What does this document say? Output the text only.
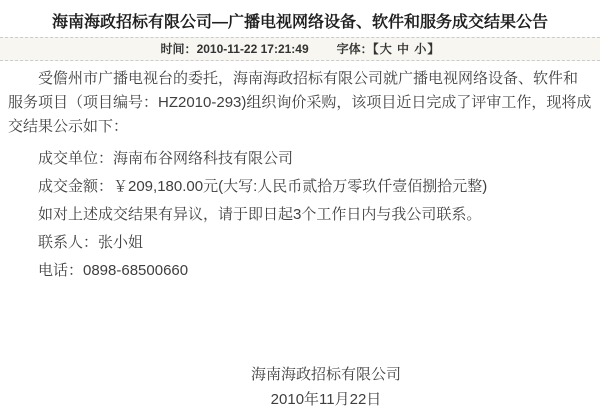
海南海政招标有限公司—广播电视网络设备、软件和服务成交结果公告
时间：2010-11-22 17:21:49 字体：【大 中 小】

受儋州市广播电视台的委托，海南海政招标有限公司就广播电视网络设备、软件和服务项目（项目编号：HZ2010-293)组织询价采购，该项目近日完成了评审工作，现将成交结果公示如下：

成交单位：海南布谷网络科技有限公司

成交金额：￥209,180.00元(大写:人民币贰拾万零玖仟壹佰捌拾元整)

如对上述成交结果有异议，请于即日起3个工作日内与我公司联系。

联系人：张小姐

电话：0898-68500660

海南海政招标有限公司
2010年11月22日
